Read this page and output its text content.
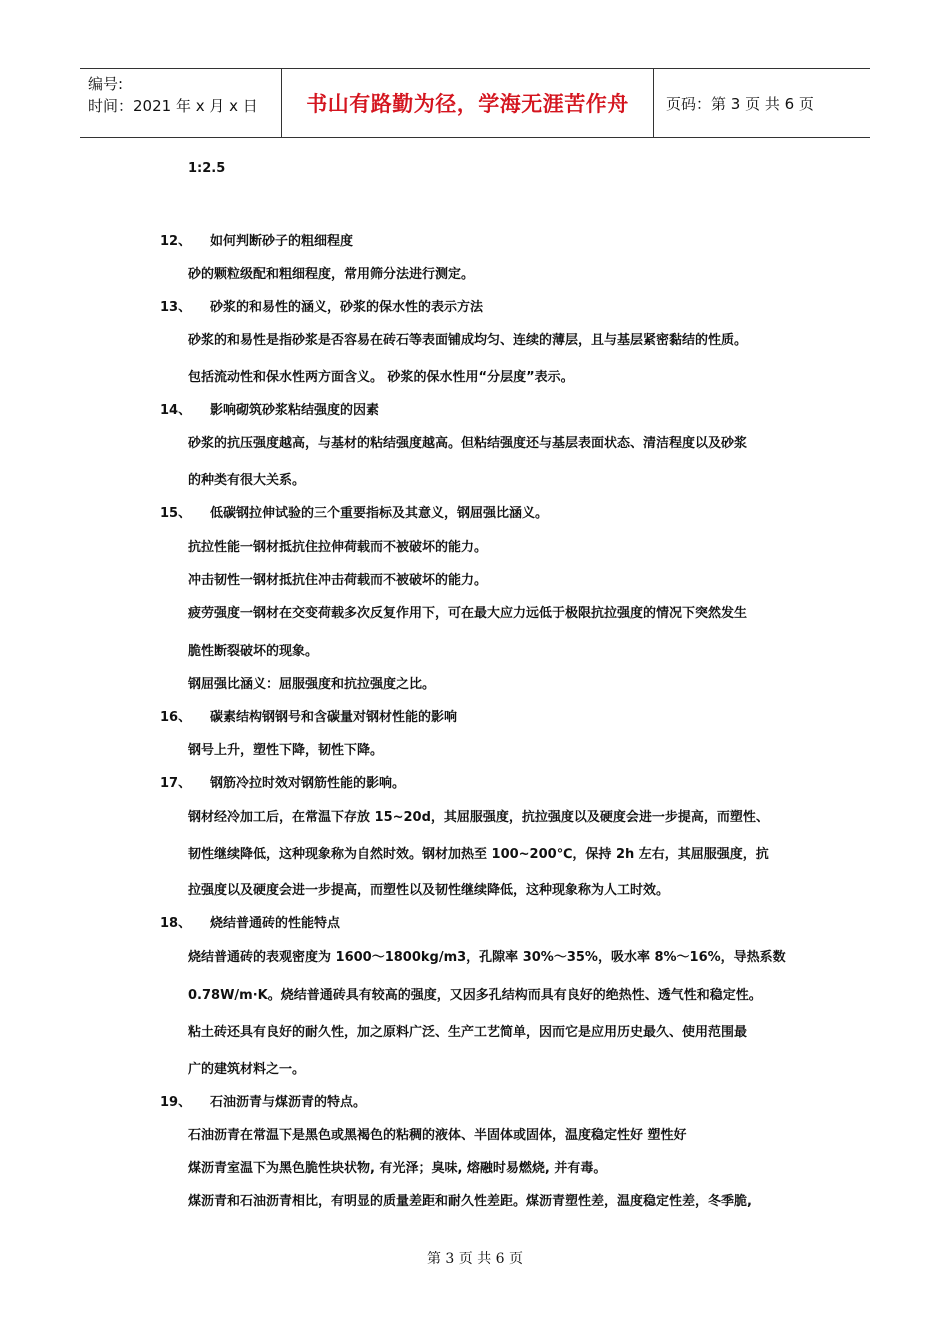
编号:
时间：2021 年 x 月 x 日	书山有路勤为径，学海无涯苦作舟	页码：第 3 页 共 6 页
1:2.5
12、 如何判断砂子的粗细程度
砂的颗粒级配和粗细程度，常用筛分法进行测定。
13、 砂浆的和易性的涵义，砂浆的保水性的表示方法
砂浆的和易性是指砂浆是否容易在砖石等表面铺成均匀、连续的薄层，且与基层紧密黏结的性质。
包括流动性和保水性两方面含义。 砂浆的保水性用“分层度”表示。
14、 影响砌筑砂浆粘结强度的因素
砂浆的抗压强度越高，与基材的粘结强度越高。但粘结强度还与基层表面状态、清洁程度以及砂浆
的种类有很大关系。
15、 低碳钢拉伸试验的三个重要指标及其意义，钢屈强比涵义。
抗拉性能一钢材抵抗住拉伸荷载而不被破坏的能力。
冲击韧性一钢材抵抗住冲击荷载而不被破坏的能力。
疲劳强度一钢材在交变荷载多次反复作用下，可在最大应力远低于极限抗拉强度的情况下突然发生
脆性断裂破坏的现象。
钢屈强比涵义：屈服强度和抗拉强度之比。
16、 碳素结构钢钢号和含碳量对钢材性能的影响
钢号上升，塑性下降，韧性下降。
17、 钢筋冷拉时效对钢筋性能的影响。
钢材经冷加工后，在常温下存放 15~20d，其屈服强度，抗拉强度以及硬度会进一步提高，而塑性、
韧性继续降低，这种现象称为自然时效。钢材加热至 100~200℃，保持 2h 左右，其屈服强度，抗
拉强度以及硬度会进一步提高，而塑性以及韧性继续降低，这种现象称为人工时效。
18、 烧结普通砖的性能特点
烧结普通砖的表观密度为 1600～1800kg/m3，孔隙率 30%～35%，吸水率 8%～16%，导热系数
0.78W/m·K。烧结普通砖具有较高的强度，又因多孔结构而具有良好的绝热性、透气性和稳定性。
粘土砖还具有良好的耐久性，加之原料广泛、生产工艺简单，因而它是应用历史最久、使用范围最
广的建筑材料之一。
19、 石油沥青与煤沥青的特点。
石油沥青在常温下是黑色或黑褐色的粘稠的液体、半固体或固体，温度稳定性好 塑性好
煤沥青室温下为黑色脆性块状物, 有光泽；臭味, 熔融时易燃烧, 并有毒。
煤沥青和石油沥青相比，有明显的质量差距和耐久性差距。煤沥青塑性差，温度稳定性差，冬季脆,
第 3 页 共 6 页
